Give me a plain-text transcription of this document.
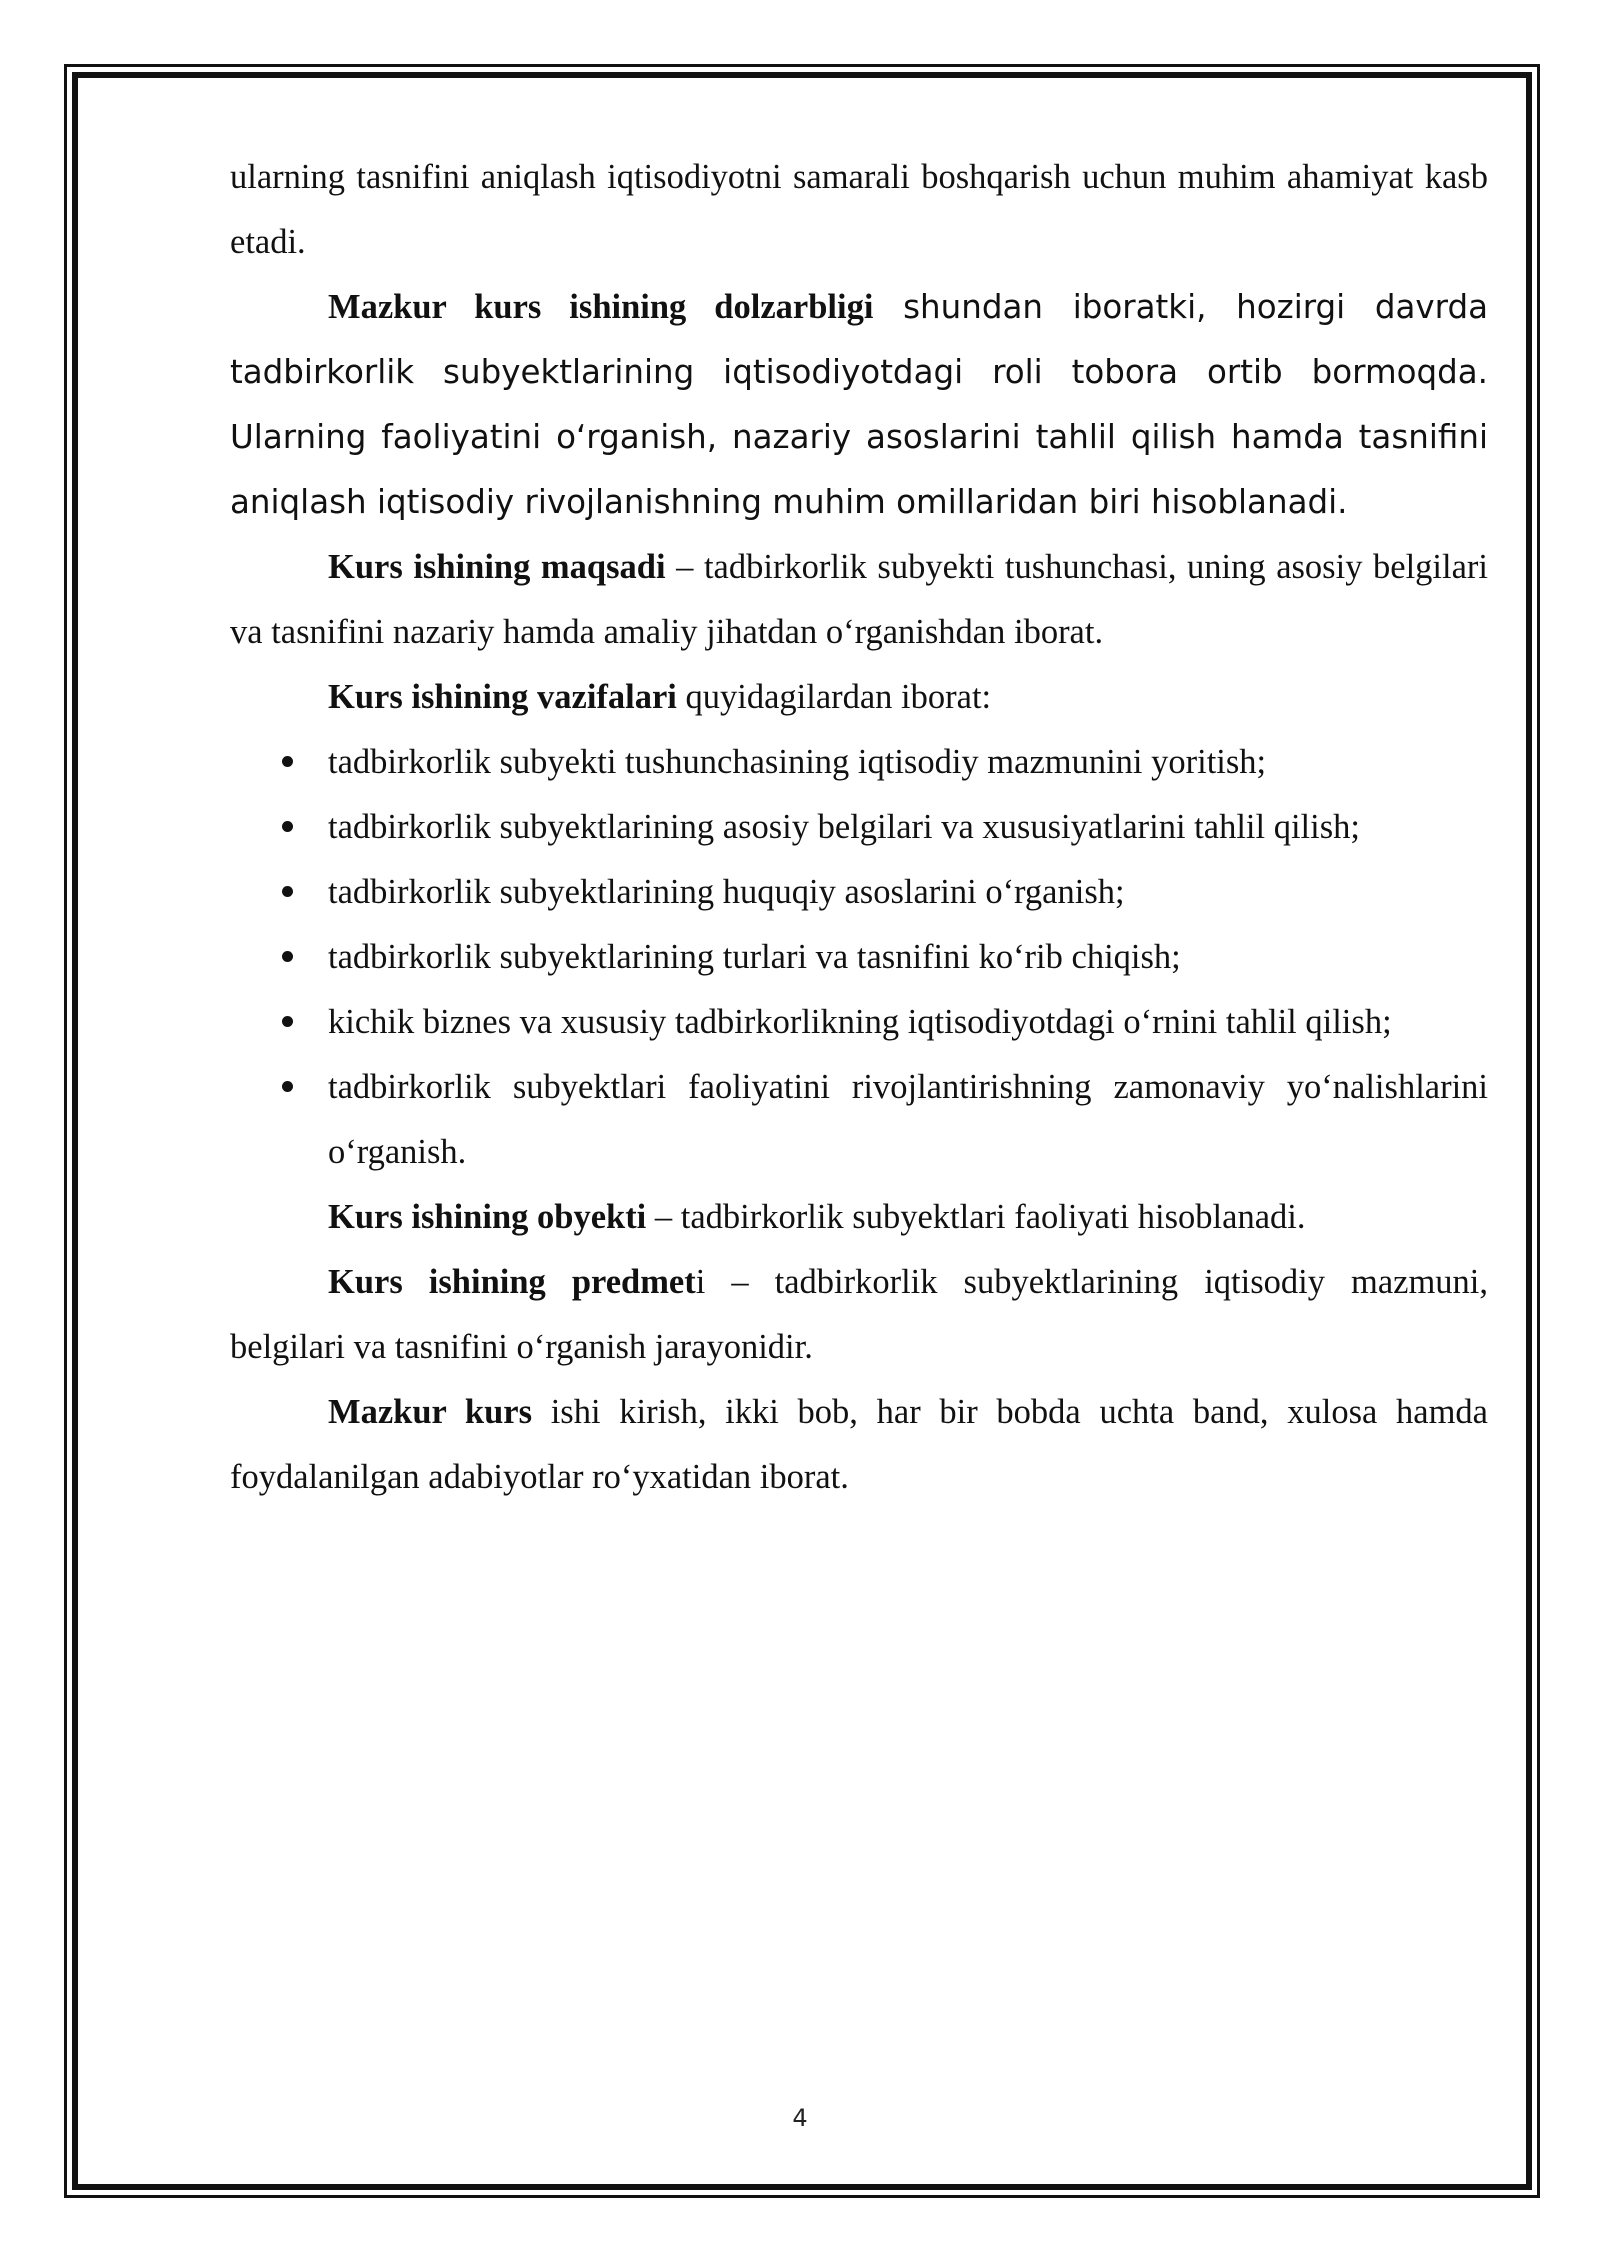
ularning tasnifini aniqlash iqtisodiyotni samarali boshqarish uchun muhim ahamiyat kasb etadi.

Mazkur kurs ishining dolzarbligi shundan iboratki, hozirgi davrda tadbirkorlik subyektlarining iqtisodiyotdagi roli tobora ortib bormoqda. Ularning faoliyatini o‘rganish, nazariy asoslarini tahlil qilish hamda tasnifini aniqlash iqtisodiy rivojlanishning muhim omillaridan biri hisoblanadi.

Kurs ishining maqsadi – tadbirkorlik subyekti tushunchasi, uning asosiy belgilari va tasnifini nazariy hamda amaliy jihatdan o‘rganishdan iborat.

Kurs ishining vazifalari quyidagilardan iborat:

tadbirkorlik subyekti tushunchasining iqtisodiy mazmunini yoritish;
tadbirkorlik subyektlarining asosiy belgilari va xususiyatlarini tahlil qilish;
tadbirkorlik subyektlarining huquqiy asoslarini o‘rganish;
tadbirkorlik subyektlarining turlari va tasnifini ko‘rib chiqish;
kichik biznes va xususiy tadbirkorlikning iqtisodiyotdagi o‘rnini tahlil qilish;
tadbirkorlik subyektlari faoliyatini rivojlantirishning zamonaviy yo‘nalishlarini o‘rganish.

Kurs ishining obyekti – tadbirkorlik subyektlari faoliyati hisoblanadi.

Kurs ishining predmeti – tadbirkorlik subyektlarining iqtisodiy mazmuni, belgilari va tasnifini o‘rganish jarayonidir.

Mazkur kurs ishi kirish, ikki bob, har bir bobda uchta band, xulosa hamda foydalanilgan adabiyotlar ro‘yxatidan iborat.

4
